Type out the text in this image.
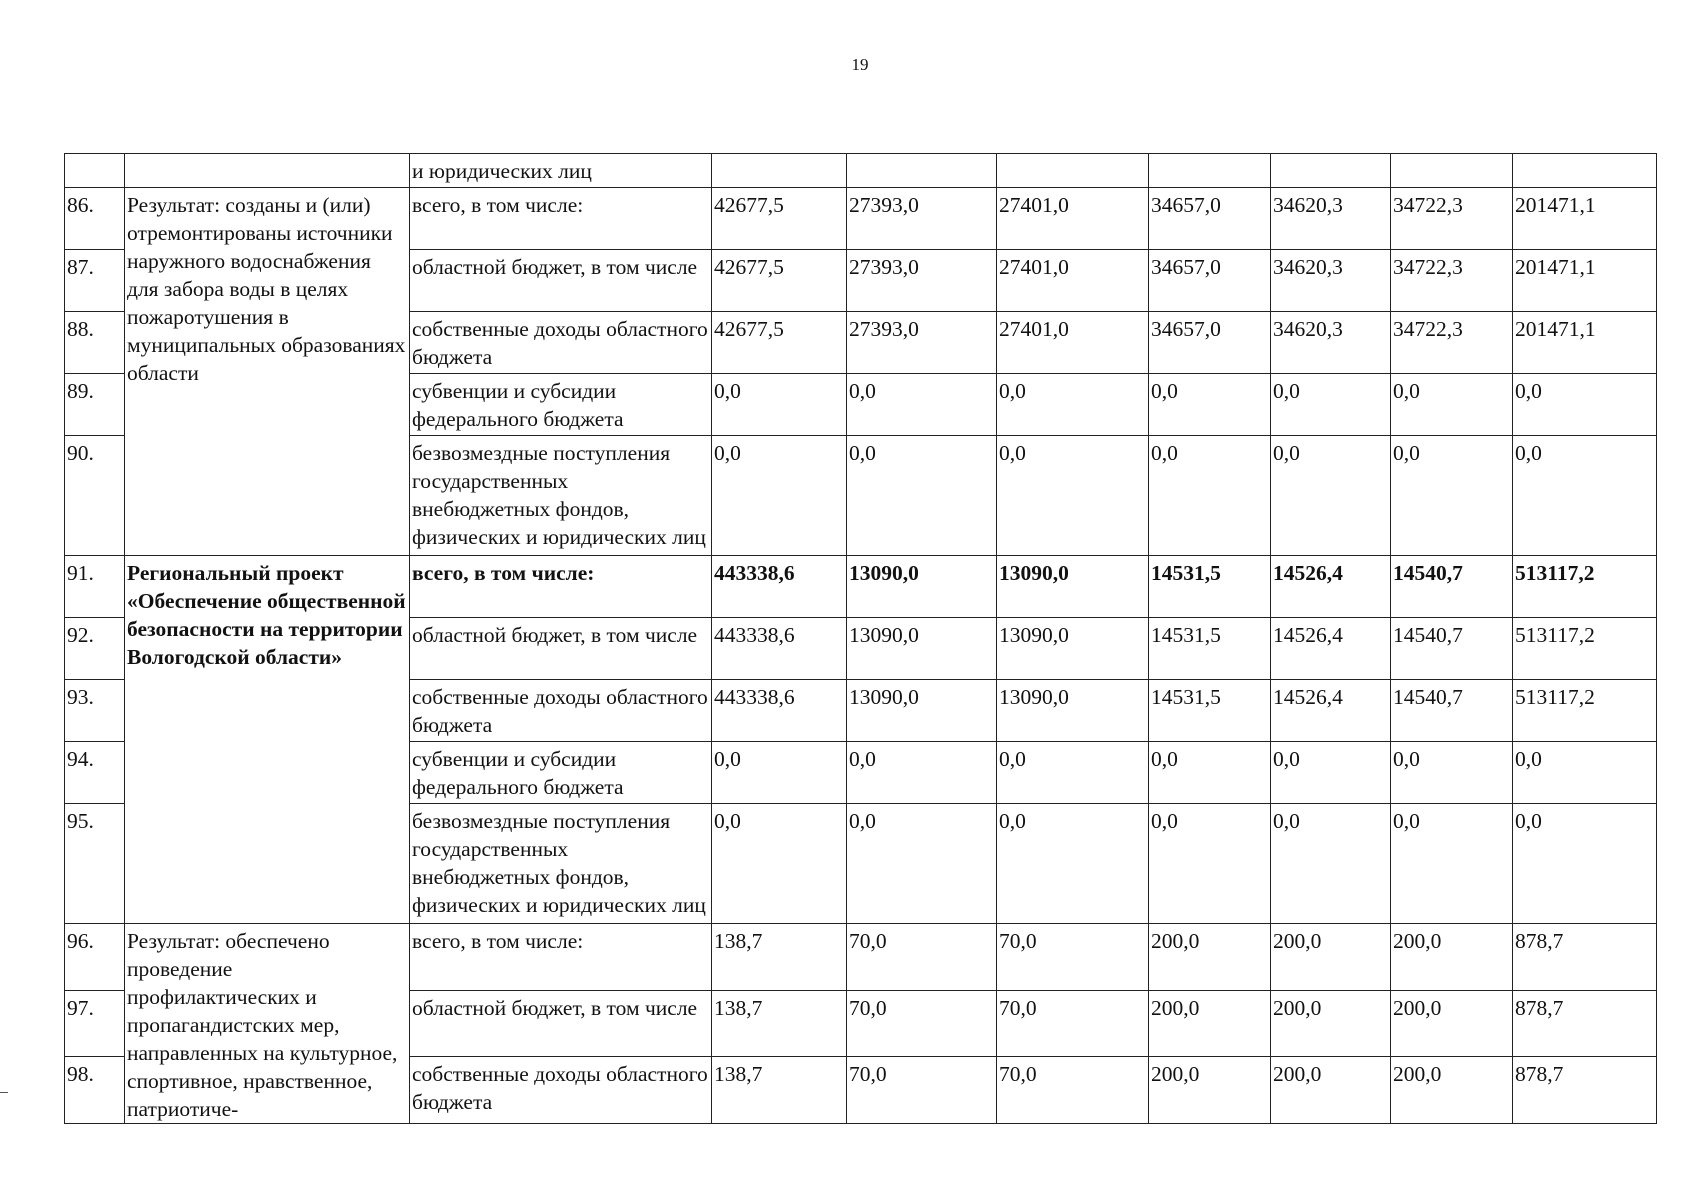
19
		и юридических лиц							
86.	Результат: созданы и (или) отремонтированы источники наружного водоснабжения для забора воды в целях пожаротушения в муниципальных образованиях области	всего, в том числе:	42677,5	27393,0	27401,0	34657,0	34620,3	34722,3	201471,1
87.		областной бюджет, в том числе	42677,5	27393,0	27401,0	34657,0	34620,3	34722,3	201471,1
88.		собственные доходы областного бюджета	42677,5	27393,0	27401,0	34657,0	34620,3	34722,3	201471,1
89.		субвенции и субсидии федерального бюджета	0,0	0,0	0,0	0,0	0,0	0,0	0,0
90.		безвозмездные поступления государственных внебюджетных фондов, физических и юридических лиц	0,0	0,0	0,0	0,0	0,0	0,0	0,0
91.	Региональный проект «Обеспечение общественной безопасности на территории Вологодской области»	всего, в том числе:	443338,6	13090,0	13090,0	14531,5	14526,4	14540,7	513117,2
92.		областной бюджет, в том числе	443338,6	13090,0	13090,0	14531,5	14526,4	14540,7	513117,2
93.		собственные доходы областного бюджета	443338,6	13090,0	13090,0	14531,5	14526,4	14540,7	513117,2
94.		субвенции и субсидии федерального бюджета	0,0	0,0	0,0	0,0	0,0	0,0	0,0
95.		безвозмездные поступления государственных внебюджетных фондов, физических и юридических лиц	0,0	0,0	0,0	0,0	0,0	0,0	0,0
96.	Результат: обеспечено проведение профилактических и пропагандистских мер, направленных на культурное, спортивное, нравственное, патриотиче-	всего, в том числе:	138,7	70,0	70,0	200,0	200,0	200,0	878,7
97.		областной бюджет, в том числе	138,7	70,0	70,0	200,0	200,0	200,0	878,7
98.		собственные доходы областного бюджета	138,7	70,0	70,0	200,0	200,0	200,0	878,7
